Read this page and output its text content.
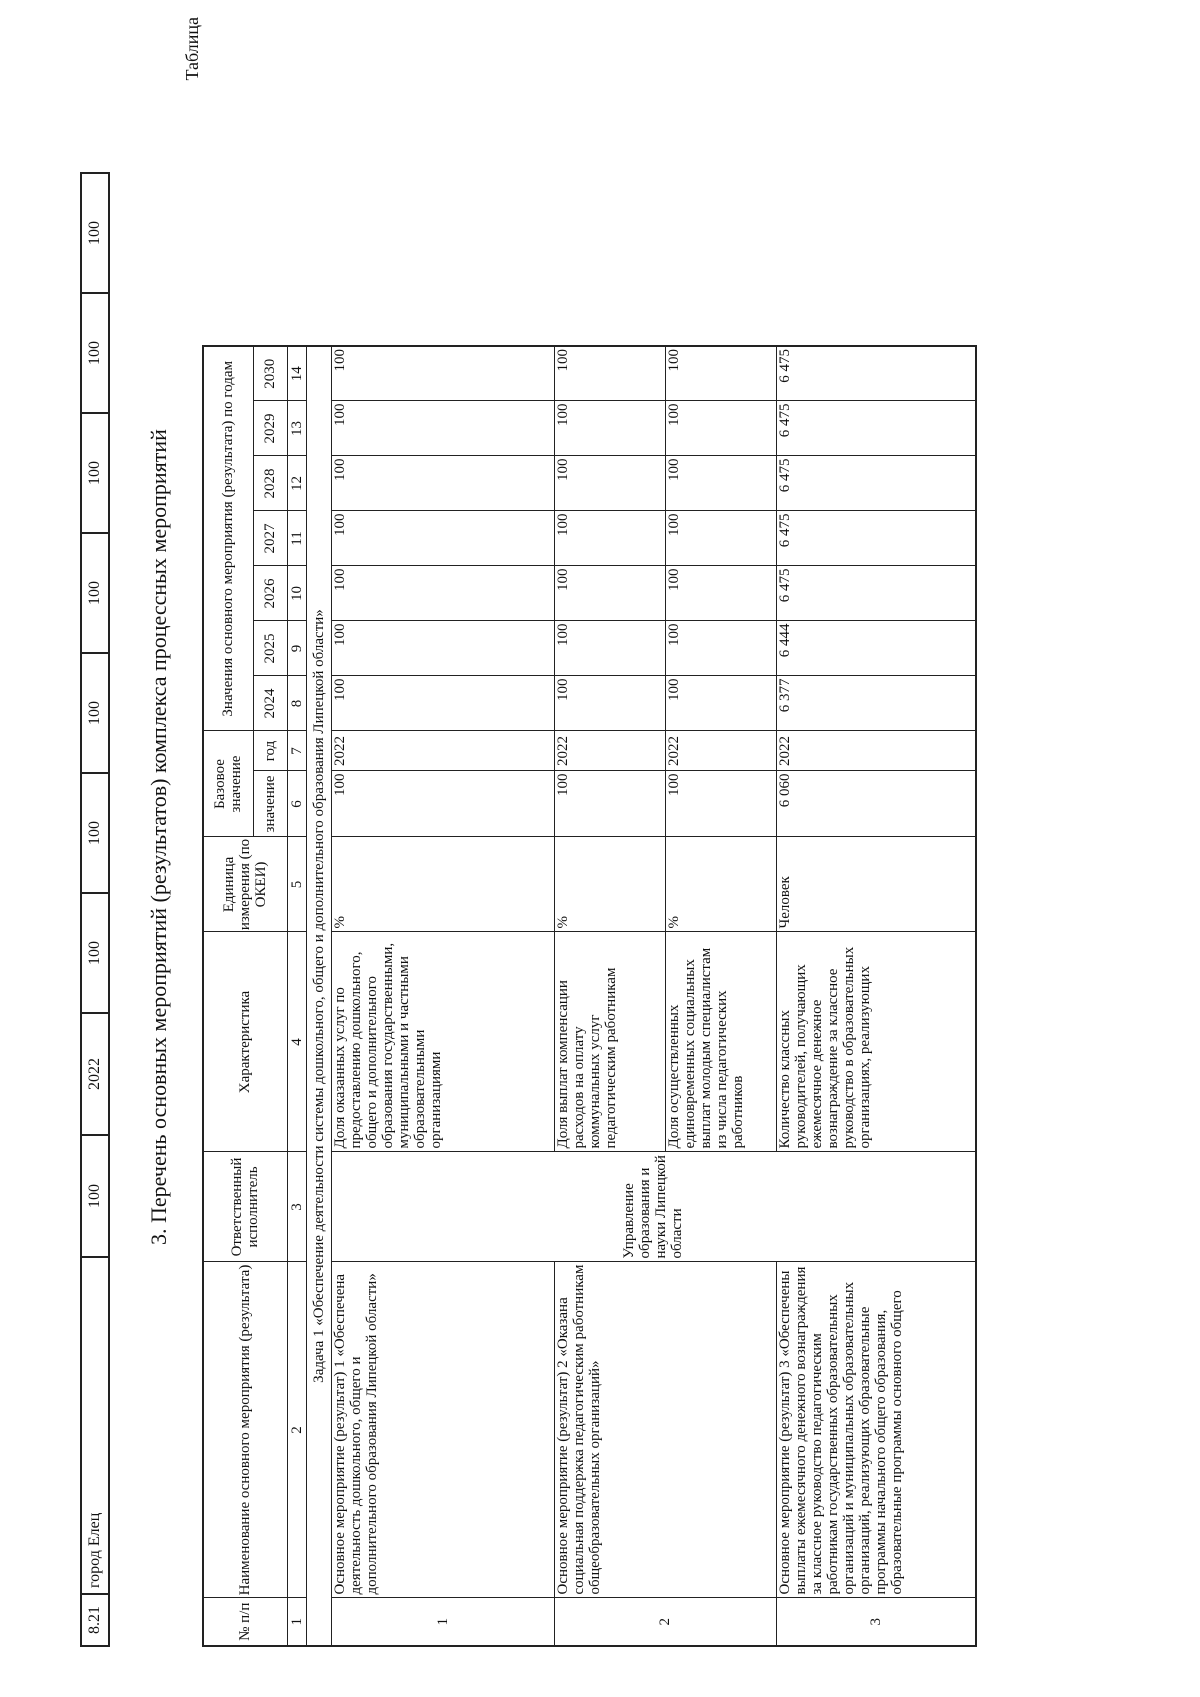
8.21	город Елец	100	2022	100	100	100	100	100	100	100
3. Перечень основных мероприятий (результатов) комплекса процессных мероприятий
Таблица
№ п/п	Наименование основного мероприятия (результата)	Ответственный исполнитель	Характеристика	Единица измерения (по ОКЕИ)	Базовое значение		Значения основного мероприятия (результата) по годам						
					значение	год	2024	2025	2026	2027	2028	2029	2030
1	2	3	4	5	6	7	8	9	10	11	12	13	14
Задача 1 «Обеспечение деятельности системы дошкольного, общего и дополнительного образования Липецкой области»													
1	Основное мероприятие (результат) 1 «Обеспечена деятельность дошкольного, общего и дополнительного образования Липецкой области»	Управление образования и науки Липецкой области	Доля оказанных услуг по предоставлению дошкольного, общего и дополнительного образования государственными, муниципальными и частными образовательными организациями	%	100	2022	100	100	100	100	100	100	100
2	Основное мероприятие (результат) 2 «Оказана социальная поддержка педагогическим работникам общеобразовательных организаций»		Доля выплат компенсации расходов на оплату коммунальных услуг педагогическим работникам	%	100	2022	100	100	100	100	100	100	100
			Доля осуществленных единовременных социальных выплат молодым специалистам из числа педагогических работников	%	100	2022	100	100	100	100	100	100	100
3	Основное мероприятие (результат) 3 «Обеспечены выплаты ежемесячного денежного вознаграждения за классное руководство педагогическим работникам государственных образовательных организаций и муниципальных образовательных организаций, реализующих образовательные программы начального общего образования, образовательные программы основного общего		Количество классных руководителей, получающих ежемесячное денежное вознаграждение за классное руководство в образовательных организациях, реализующих	Человек	6 060	2022	6 377	6 444	6 475	6 475	6 475	6 475	6 475
